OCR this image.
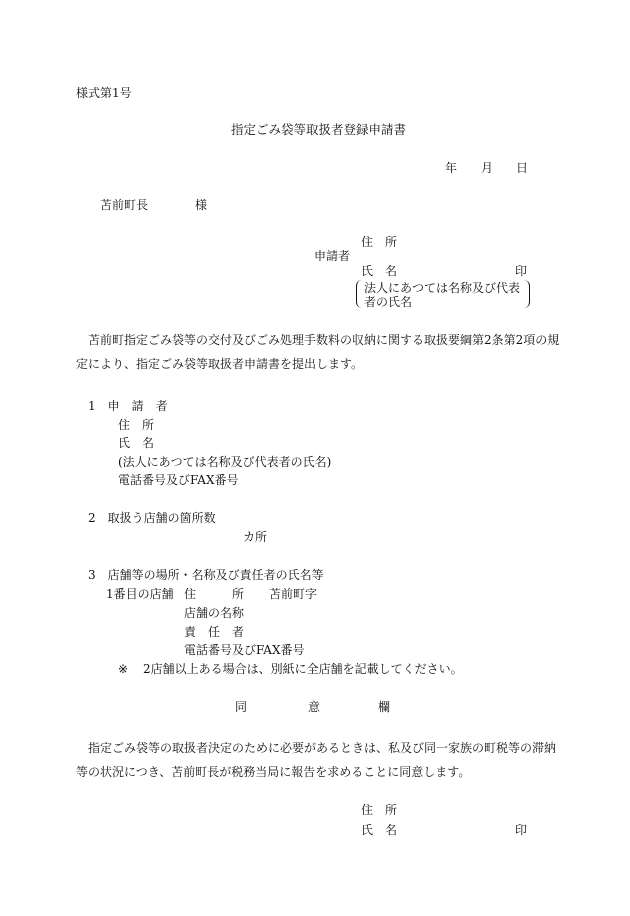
様式第1号
指定ごみ袋等取扱者登録申請書
年 月 日
苫前町長	様
住　所
申請者
氏　名	印
法人にあつては名称及び代表
者の氏名
苫前町指定ごみ袋等の交付及びごみ処理手数料の収納に関する取扱要綱第2条第2項の規
定により、指定ごみ袋等取扱者申請書を提出します。
1　申　請　者
住　所
氏　名
(法人にあつては名称及び代表者の氏名)
電話番号及びFAX番号
2　取扱う店舗の箇所数
カ所
3　店舗等の場所・名称及び責任者の氏名等
1番目の店舗 住　　　所 苫前町字
店舗の名称
責　任　者
電話番号及びFAX番号
※ 2店舗以上ある場合は、別紙に全店舗を記載してください。
同	意	欄
指定ごみ袋等の取扱者決定のために必要があるときは、私及び同一家族の町税等の滞納
等の状況につき、苫前町長が税務当局に報告を求めることに同意します。
住　所
氏　名	印
